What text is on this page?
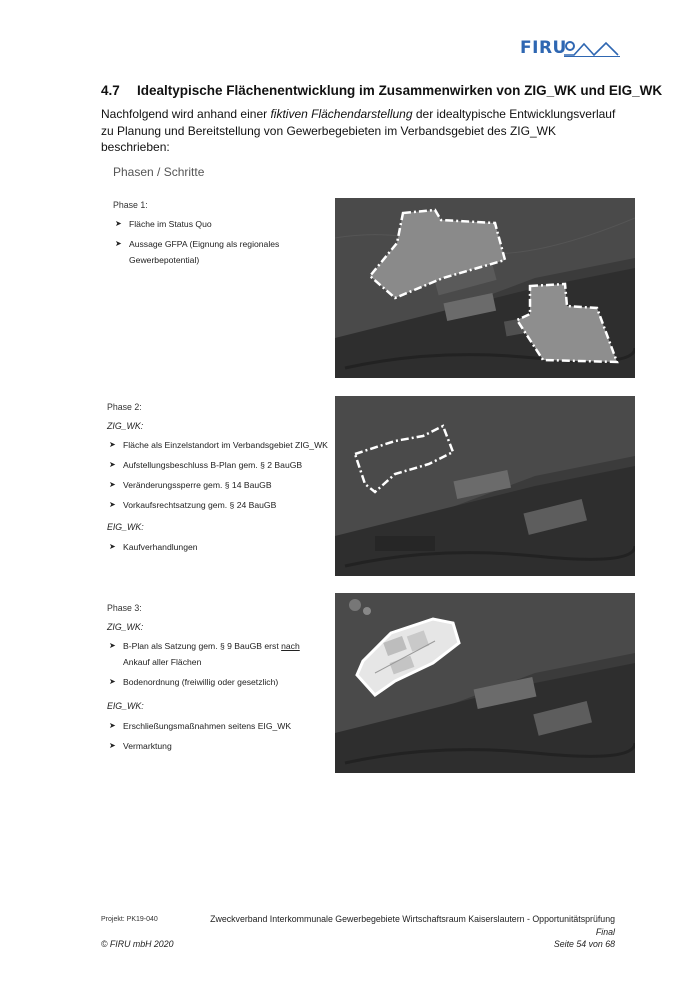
FIRU
4.7 Idealtypische Flächenentwicklung im Zusammenwirken von ZIG_WK und EIG_WK
Nachfolgend wird anhand einer fiktiven Flächendarstellung der idealtypische Entwicklungsverlauf zu Planung und Bereitstellung von Gewerbegebieten im Verbandsgebiet des ZIG_WK beschrieben:
Phasen / Schritte
Phase 1:
➤ Fläche im Status Quo
➤ Aussage GFPA (Eignung als regionales
Gewerbepotential)
Phase 2:
ZIG_WK:
➤ Fläche als Einzelstandort im Verbandsgebiet ZIG_WK
➤ Aufstellungsbeschluss B-Plan gem. § 2 BauGB
➤ Veränderungssperre gem. § 14 BauGB
➤ Vorkaufsrechtsatzung gem. § 24 BauGB
EIG_WK:
➤ Kaufverhandlungen
Phase 3:
ZIG_WK:
➤ B-Plan als Satzung gem. § 9 BauGB erst nach
Ankauf aller Flächen
➤ Bodenordnung (freiwillig oder gesetzlich)
EIG_WK:
➤ Erschließungsmaßnahmen seitens EIG_WK
➤ Vermarktung
Projekt: PK19-040	Zweckverband Interkommunale Gewerbegebiete Wirtschaftsraum Kaiserslautern - Opportunitätsprüfung
Final
© FIRU mbH 2020	Seite 54 von 68
